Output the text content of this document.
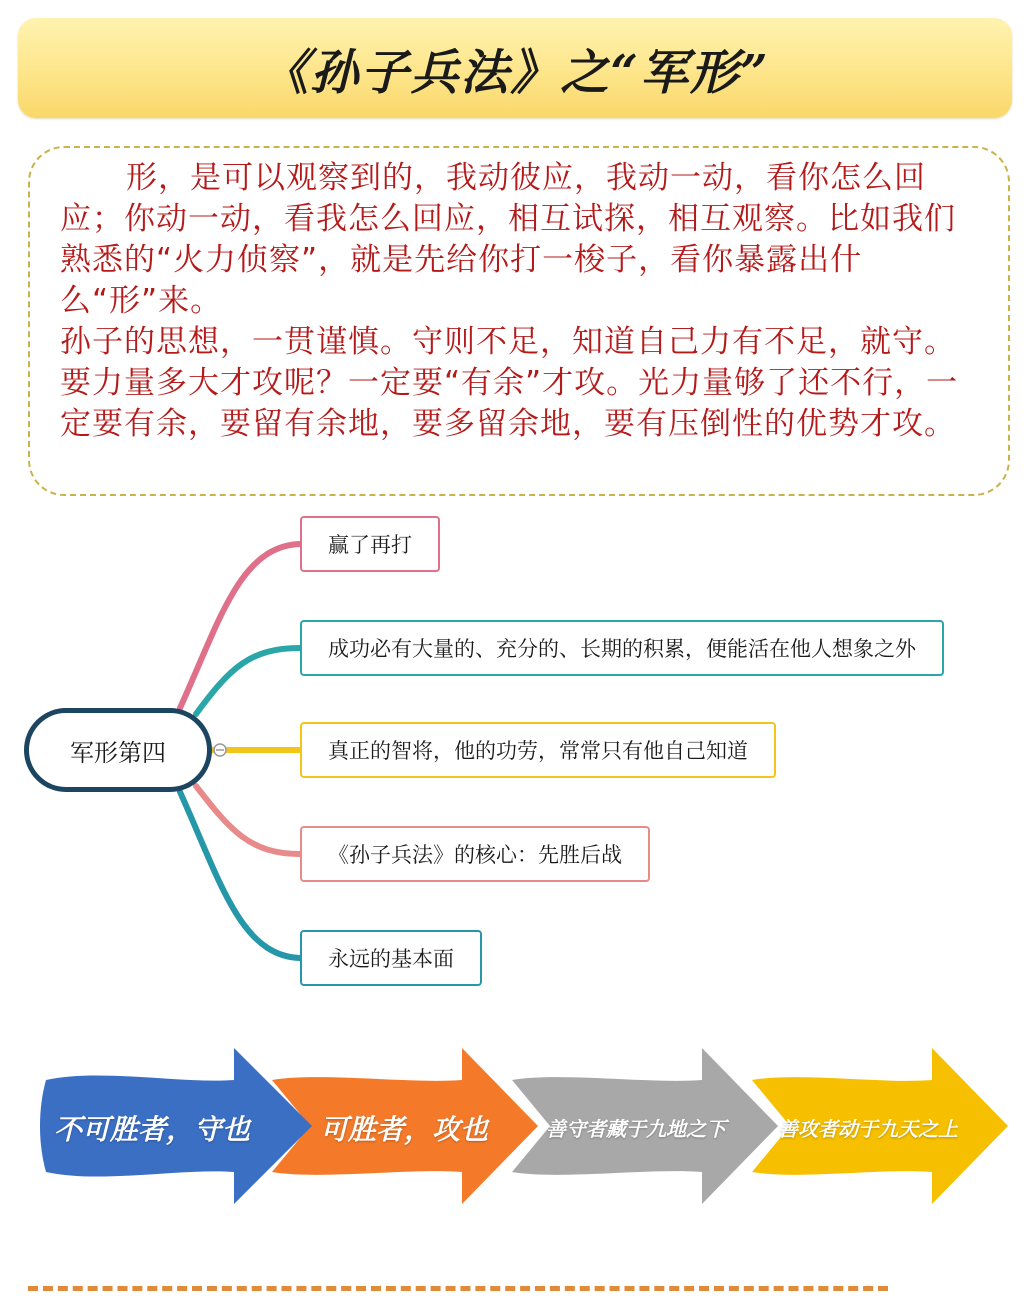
《孙子兵法》之“军形”

形，是可以观察到的，我动彼应，我动一动，看你怎么回应；你动一动，看我怎么回应，相互试探，相互观察。比如我们熟悉的“火力侦察”，就是先给你打一梭子，看你暴露出什么“形”来。

孙子的思想，一贯谨慎。守则不足，知道自己力有不足，就守。要力量多大才攻呢？一定要“有余”才攻。光力量够了还不行，一定要有余，要留有余地，要多留余地，要有压倒性的优势才攻。

军形第四
赢了再打
成功必有大量的、充分的、长期的积累，便能活在他人想象之外
真正的智将，他的功劳，常常只有他自己知道
《孙子兵法》的核心：先胜后战
永远的基本面
不可胜者，守也 可胜者，攻也	善守者藏于九地之下	善攻者动于九天之上
